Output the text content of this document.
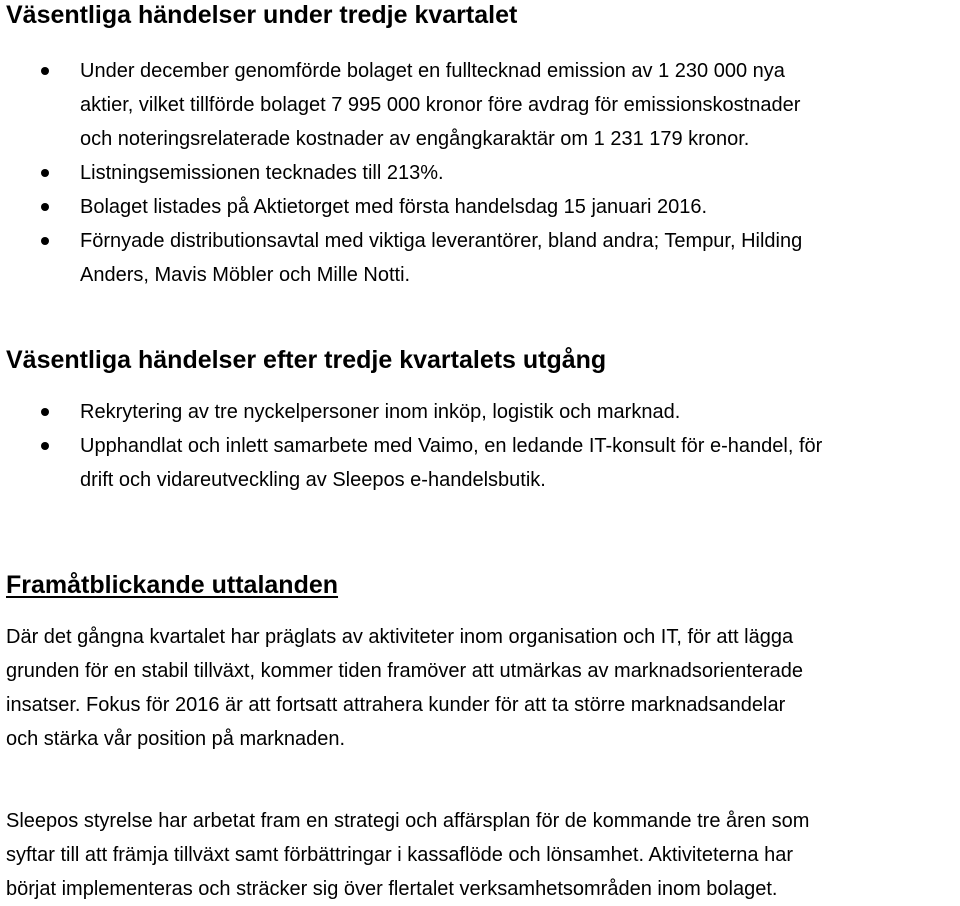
Väsentliga händelser under tredje kvartalet
Under december genomförde bolaget en fulltecknad emission av 1 230 000 nya
aktier, vilket tillförde bolaget 7 995 000 kronor före avdrag för emissionskostnader
och noteringsrelaterade kostnader av engångkaraktär om 1 231 179 kronor.
Listningsemissionen tecknades till 213%.
Bolaget listades på Aktietorget med första handelsdag 15 januari 2016.
Förnyade distributionsavtal med viktiga leverantörer, bland andra; Tempur, Hilding
Anders, Mavis Möbler och Mille Notti.
Väsentliga händelser efter tredje kvartalets utgång
Rekrytering av tre nyckelpersoner inom inköp, logistik och marknad.
Upphandlat och inlett samarbete med Vaimo, en ledande IT-konsult för e-handel, för
drift och vidareutveckling av Sleepos e-handelsbutik.
Framåtblickande uttalanden

Där det gångna kvartalet har präglats av aktiviteter inom organisation och IT, för att lägga
grunden för en stabil tillväxt, kommer tiden framöver att utmärkas av marknadsorienterade
insatser. Fokus för 2016 är att fortsatt attrahera kunder för att ta större marknadsandelar
och stärka vår position på marknaden.

Sleepos styrelse har arbetat fram en strategi och affärsplan för de kommande tre åren som
syftar till att främja tillväxt samt förbättringar i kassaflöde och lönsamhet. Aktiviteterna har
börjat implementeras och sträcker sig över flertalet verksamhetsområden inom bolaget.
